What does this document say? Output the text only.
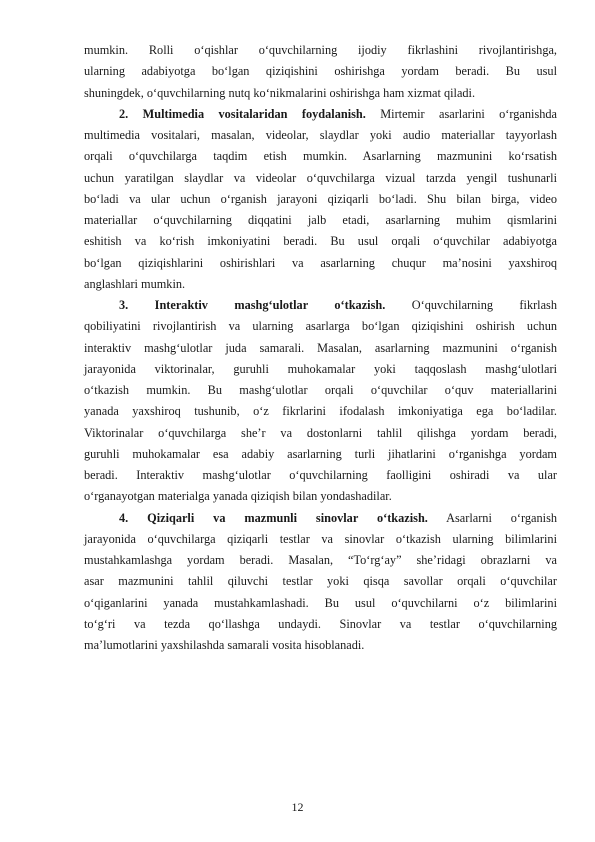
mumkin. Rolli o‘qishlar o‘quvchilarning ijodiy fikrlashini rivojlantirishga,
ularning adabiyotga bo‘lgan qiziqishini oshirishga yordam beradi. Bu usul
shuningdek, o‘quvchilarning nutq ko‘nikmalarini oshirishga ham xizmat qiladi.
2. Multimedia vositalaridan foydalanish. Mirtemir asarlarini o‘rganishda
multimedia vositalari, masalan, videolar, slaydlar yoki audio materiallar tayyorlash
orqali o‘quvchilarga taqdim etish mumkin. Asarlarning mazmunini ko‘rsatish
uchun yaratilgan slaydlar va videolar o‘quvchilarga vizual tarzda yengil tushunarli
bo‘ladi va ular uchun o‘rganish jarayoni qiziqarli bo‘ladi. Shu bilan birga, video
materiallar o‘quvchilarning diqqatini jalb etadi, asarlarning muhim qismlarini
eshitish va ko‘rish imkoniyatini beradi. Bu usul orqali o‘quvchilar adabiyotga
bo‘lgan qiziqishlarini oshirishlari va asarlarning chuqur ma’nosini yaxshiroq
anglashlari mumkin.
3. Interaktiv mashg‘ulotlar o‘tkazish. O‘quvchilarning fikrlash
qobiliyatini rivojlantirish va ularning asarlarga bo‘lgan qiziqishini oshirish uchun
interaktiv mashg‘ulotlar juda samarali. Masalan, asarlarning mazmunini o‘rganish
jarayonida viktorinalar, guruhli muhokamalar yoki taqqoslash mashg‘ulotlari
o‘tkazish mumkin. Bu mashg‘ulotlar orqali o‘quvchilar o‘quv materiallarini
yanada yaxshiroq tushunib, o‘z fikrlarini ifodalash imkoniyatiga ega bo‘ladilar.
Viktorinalar o‘quvchilarga she’r va dostonlarni tahlil qilishga yordam beradi,
guruhli muhokamalar esa adabiy asarlarning turli jihatlarini o‘rganishga yordam
beradi. Interaktiv mashg‘ulotlar o‘quvchilarning faolligini oshiradi va ular
o‘rganayotgan materialga yanada qiziqish bilan yondashadilar.
4. Qiziqarli va mazmunli sinovlar o‘tkazish. Asarlarni o‘rganish
jarayonida o‘quvchilarga qiziqarli testlar va sinovlar o‘tkazish ularning bilimlarini
mustahkamlashga yordam beradi. Masalan, “To‘rg‘ay” she’ridagi obrazlarni va
asar mazmunini tahlil qiluvchi testlar yoki qisqa savollar orqali o‘quvchilar
o‘qiganlarini yanada mustahkamlashadi. Bu usul o‘quvchilarni o‘z bilimlarini
to‘g‘ri va tezda qo‘llashga undaydi. Sinovlar va testlar o‘quvchilarning
ma’lumotlarini yaxshilashda samarali vosita hisoblanadi.
12
